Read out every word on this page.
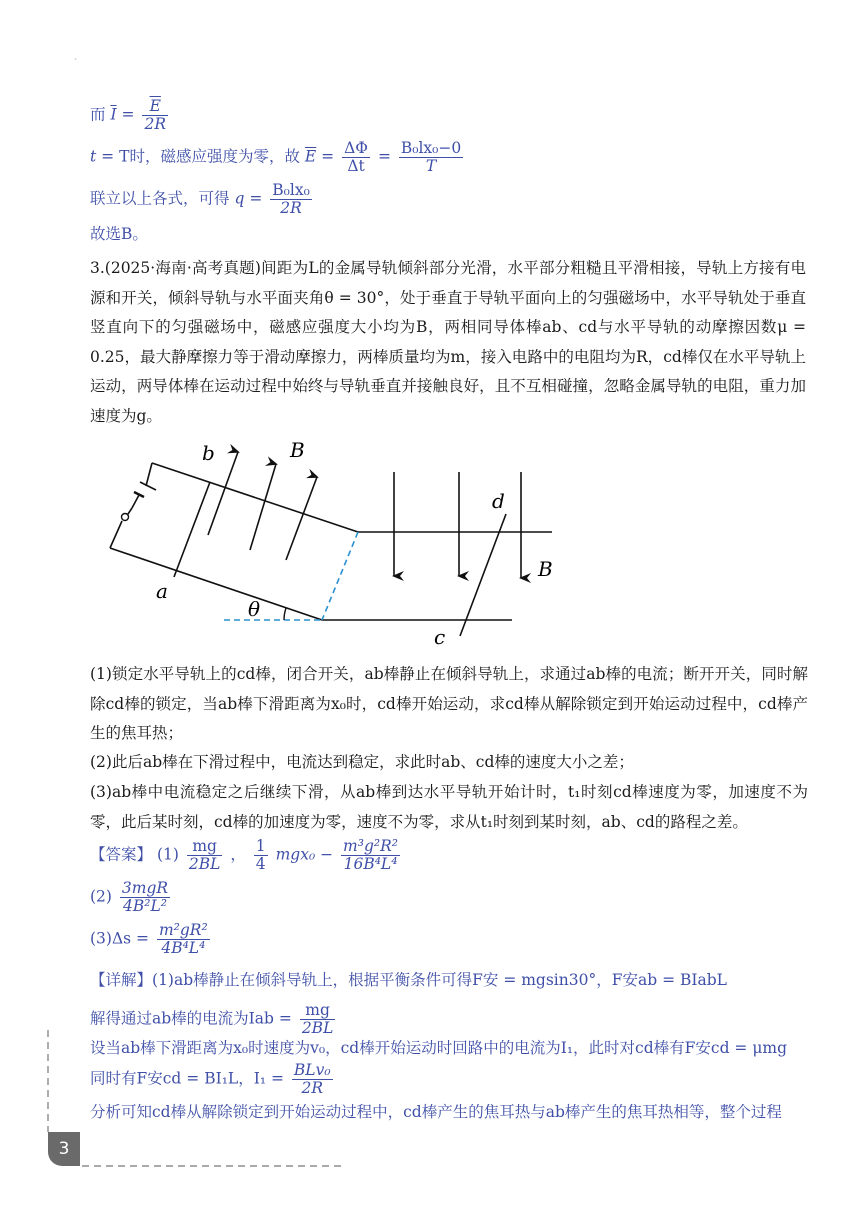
`
而 $\overline{I} = \frac{\overline{E}}{2R}$
t = T时，磁感应强度为零，故 $\overline{E} = \frac{\Delta\Phi}{\Delta t} = \frac{\text{B₀lx₀−0}}{T}$
联立以上各式，可得 $q = \frac{\text{B₀lx₀}}{2R}$
故选B。
3.(2025·海南·高考真题)间距为L的金属导轨倾斜部分光滑，水平部分粗糙且平滑相接，导轨上方接有电源和开关，倾斜导轨与水平面夹角θ = 30°，处于垂直于导轨平面向上的匀强磁场中，水平导轨处于垂直竖直向下的匀强磁场中，磁感应强度大小均为B，两相同导体棒ab、cd与水平导轨的动摩擦因数μ = 0.25，最大静摩擦力等于滑动摩擦力，两棒质量均为m，接入电路中的电阻均为R，cd棒仅在水平导轨上运动，两导体棒在运动过程中始终与导轨垂直并接触良好，且不互相碰撞，忽略金属导轨的电阻，重力加速度为g。
b
a
B
d
B
c
θ
(1)锁定水平导轨上的cd棒，闭合开关，ab棒静止在倾斜导轨上，求通过ab棒的电流；断开开关，同时解除cd棒的锁定，当ab棒下滑距离为x₀时，cd棒开始运动，求cd棒从解除锁定到开始运动过程中，cd棒产生的焦耳热；
(2)此后ab棒在下滑过程中，电流达到稳定，求此时ab、cd棒的速度大小之差；
(3)ab棒中电流稳定之后继续下滑，从ab棒到达水平导轨开始计时，t₁时刻cd棒速度为零，加速度不为零，此后某时刻，cd棒的加速度为零，速度不为零，求从t₁时刻到某时刻，ab、cd的路程之差。
【答案】 $(1) \frac{mg}{2BL}$ ， $\frac{1}{4} mgx_0 - \frac{\text{m³g²R²}}{\text{16B⁴L⁴}}$
$(2) \frac{\text{3mgR}}{\text{4B²L²}}$
$(3)\Delta s = \frac{\text{m²gR²}}{\text{4B⁴L⁴}}$
【详解】(1)ab棒静止在倾斜导轨上，根据平衡条件可得F安 = mgsin30°，F安ab = BIabL
解得通过ab棒的电流为Iab = $\frac{mg}{2BL}$
设当ab棒下滑距离为x₀时速度为v₀，cd棒开始运动时回路中的电流为I₁，此时对cd棒有F安cd = μmg
同时有F安cd = BI₁L，$I_1 = \frac{\text{BLv₀}}{2R}$
分析可知cd棒从解除锁定到开始运动过程中，cd棒产生的焦耳热与ab棒产生的焦耳热相等，整个过程
3
